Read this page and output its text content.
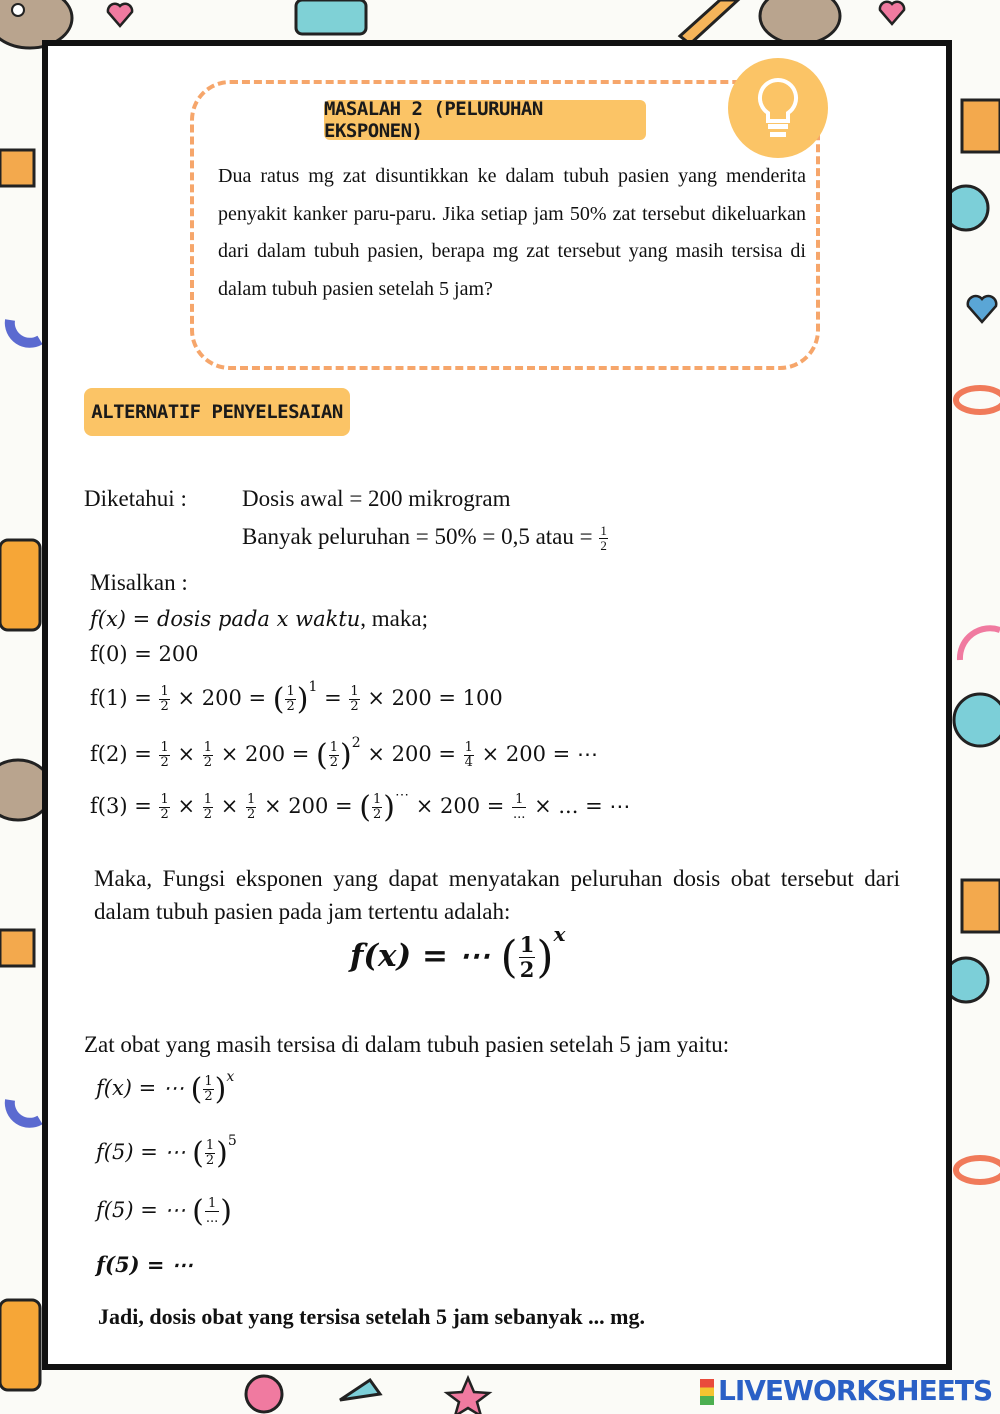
MASALAH 2 (PELURUHAN EKSPONEN)
Dua ratus mg zat disuntikkan ke dalam tubuh pasien yang menderita penyakit kanker paru-paru. Jika setiap jam 50% zat tersebut dikeluarkan dari dalam tubuh pasien, berapa mg zat tersebut yang masih tersisa di dalam tubuh pasien setelah 5 jam?
ALTERNATIF PENYELESAIAN
Diketahui : Dosis awal = 200 mikrogram
Banyak peluruhan = 50% = 0,5 atau = $\frac{1}{2}$
Misalkan :
f(x) = dosis pada x waktu, maka;
f(0) = 200
$f(1) = \frac{1}{2} \times 200$ = ( $\frac{1}{2} )^1 = \frac{1}{2} \times 200 = 100$
$f(2) = \frac{1}{2} \times \frac{1}{2} \times 200$ = ( $\frac{1}{2} )^2 \times 200 = \frac{1}{4} \times 200$ = ⋯
$f(3) = \frac{1}{2} \times \frac{1}{2} \times \frac{1}{2} \times 200$ = ( $\frac{1}{2} )^\cdots \times 200 = \frac{1}{...}$ × ... = ⋯
Maka, Fungsi eksponen yang dapat menyatakan peluruhan dosis obat tersebut dari dalam tubuh pasien pada jam tertentu adalah:
f(x) = ⋯ ( $\frac{1}{2} )^x$
Zat obat yang masih tersisa di dalam tubuh pasien setelah 5 jam yaitu:
f(x) = ⋯ ( $\frac{1}{2} )^x$
f(5) = ⋯ ( $\frac{1}{2} )^5$
f(5) = ⋯ ( $\frac{1}{...}$ )
f(5) = ⋯
Jadi, dosis obat yang tersisa setelah 5 jam sebanyak ... mg.
LIVEWORKSHEETS
